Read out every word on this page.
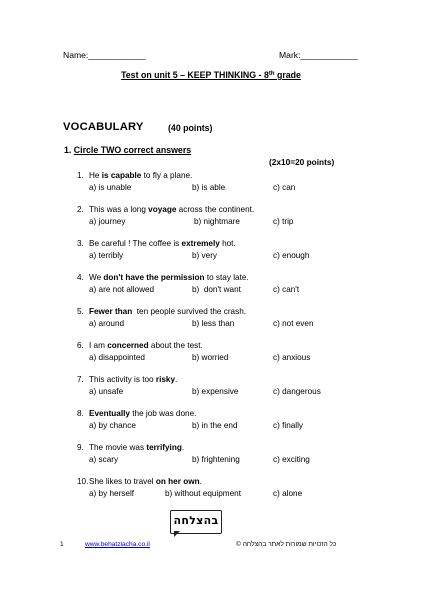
Name:____________	Mark:____________
Test on unit 5 – KEEP THINKING - 8th grade
VOCABULARY	(40 points)
1. Circle TWO correct answers
(2x10=20 points)
1. He is capable to fly a plane.
a) is unable	b) is able	c) can
2. This was a long voyage across the continent.
a) journey	b) nightmare	c) trip
3. Be careful ! The coffee is extremely hot.
a) terribly	b) very	c) enough
4. We don't have the permission to stay late.
a) are not allowed	b)  don't want	c) can't
5. Fewer than  ten people survived the crash.
a) around	b) less than	c) not even
6. I am concerned about the test.
a) disappointed	b) worried	c) anxious
7. This activity is too risky.
a) unsafe	b) expensive	c) dangerous
8. Eventually the job was done.
a) by chance	b) in the end	c) finally
9. The movie was terrifying.
a) scary	b) frightening	c) exciting
10.She likes to travel on her own.
a) by herself	b) without equipment	c) alone
בהצלחה
1	www.behatzlacha.co.il	כל הזכויות שמורות לאתר בהצלחה ©
